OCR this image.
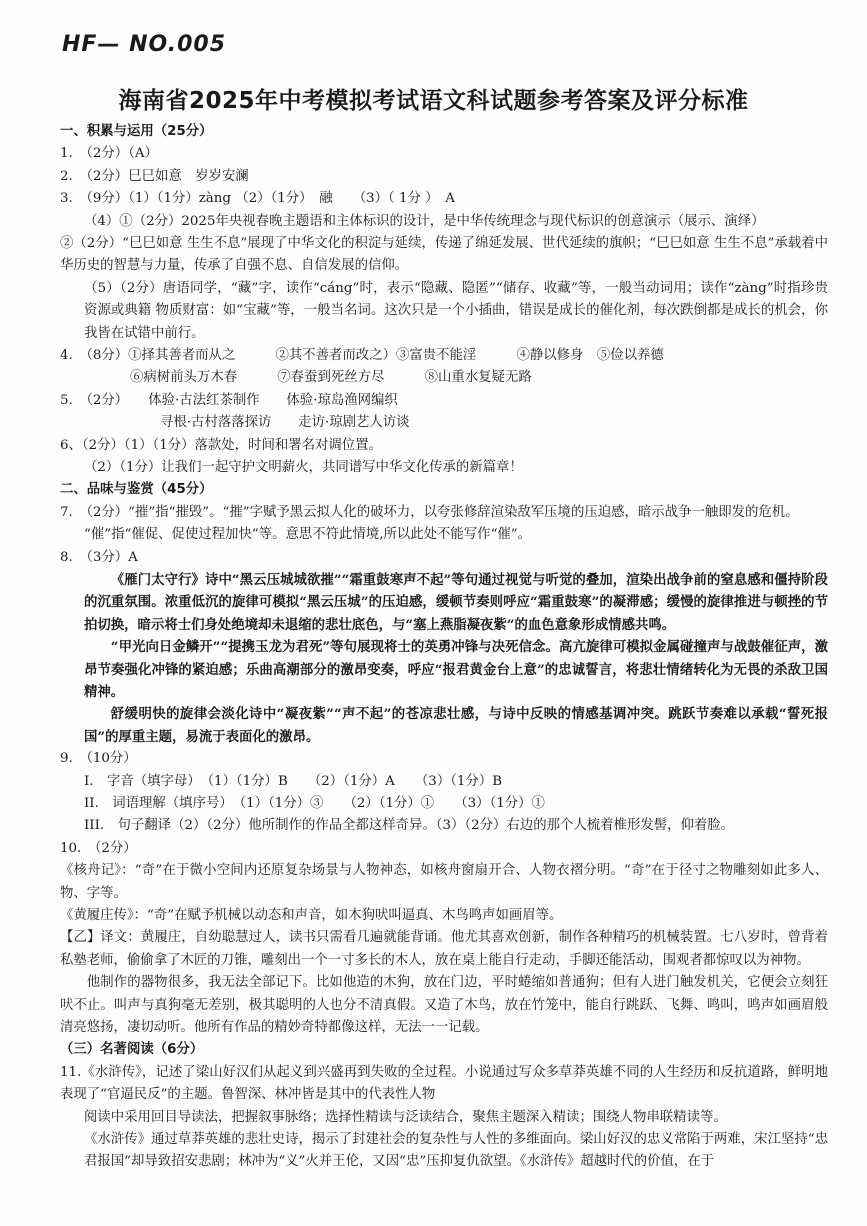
HF— NO.005
海南省2025年中考模拟考试语文科试题参考答案及评分标准
一、积累与运用（25分）
1.　（2分）（A）
2.　（2分）巳巳如意　岁岁安澜
3.　（9分）（1）（1分）zàng （2）（1分）　融　　（3）（ 1分 ）　A
（4）①（2分）2025年央视春晚主题语和主体标识的设计，是中华传统理念与现代标识的创意演示（展示、演绎）
②（2分）“巳巳如意 生生不息”展现了中华文化的积淀与延续，传递了绵延发展、世代延续的旗帜；“巳巳如意 生生不息”承载着中华历史的智慧与力量，传承了自强不息、自信发展的信仰。
（5）（2分）唐语同学，“藏”字，读作“cáng”时，表示“隐藏、隐匿”“储存、收藏”等，一般当动词用；读作“zàng”时指珍贵资源或典籍 物质财富：如“宝藏”等，一般当名词。这次只是一个小插曲，错误是成长的催化剂，每次跌倒都是成长的机会，你我皆在试错中前行。
4.　（8分）①择其善者而从之　　　②其不善者而改之）③富贵不能淫　　　④静以修身　⑤俭以养德
⑥病树前头万木春　　　⑦春蚕到死丝方尽　　　⑧山重水复疑无路
5.　（2分）　　体验·古法红茶制作　　体验·琼岛渔网编织
寻根·古村落落探访　　走访·琼剧艺人访谈
6、（2分）（1）（1分）落款处，时间和署名对调位置。
（2）（1分）让我们一起守护文明薪火，共同谱写中华文化传承的新篇章！
二、品味与鉴赏（45分）
7.　（2分）“摧”指“摧毁”。“摧”字赋予黑云拟人化的破坏力，以夸张修辞渲染敌军压境的压迫感，暗示战争一触即发的危机。
“催”指“催促、促使过程加快”等。意思不符此情境,所以此处不能写作“催”。
8.　（3分）A
《雁门太守行》诗中“黑云压城城欲摧”“霜重鼓寒声不起”等句通过视觉与听觉的叠加，渲染出战争前的窒息感和僵持阶段的沉重氛围。浓重低沉的旋律可模拟“黑云压城”的压迫感，缓顿节奏则呼应“霜重鼓寒”的凝滞感；缓慢的旋律推进与顿挫的节拍切换，暗示将士们身处绝境却未退缩的悲壮底色，与“塞上燕脂凝夜紫”的血色意象形成情感共鸣。
“甲光向日金鳞开”“提携玉龙为君死”等句展现将士的英勇冲锋与决死信念。高亢旋律可模拟金属碰撞声与战鼓催征声，激昂节奏强化冲锋的紧迫感；乐曲高潮部分的激昂变奏，呼应“报君黄金台上意”的忠诚誓言，将悲壮情绪转化为无畏的杀敌卫国精神。
舒缓明快的旋律会淡化诗中“凝夜紫”“声不起”的苍凉悲壮感，与诗中反映的情感基调冲突。跳跃节奏难以承载“誓死报国”的厚重主题，易流于表面化的激昂。
9.　（10分）
I.　字音（填字母）　（1）（1分）B　　（2）（1分）A　　（3）（1分）B
II.　词语理解（填序号）　（1）（1分）③　　（2）（1分）①　　（3）（1分）①
III.　句子翻译（2）（2分）他所制作的作品全都这样奇异。（3）（2分）右边的那个人梳着椎形发髻，仰着脸。
10.　（2分）
《核舟记》：“奇”在于微小空间内还原复杂场景与人物神态，如核舟窗扇开合、人物衣褶分明。“奇”在于径寸之物雕刻如此多人、物、字等。
《黄履庄传》：“奇”在赋予机械以动态和声音，如木狗吠叫逼真、木鸟鸣声如画眉等。
【乙】译文：黄履庄，自幼聪慧过人，读书只需看几遍就能背诵。他尤其喜欢创新，制作各种精巧的机械装置。七八岁时，曾背着私塾老师，偷偷拿了木匠的刀锥，雕刻出一个一寸多长的木人，放在桌上能自行走动，手脚还能活动，围观者都惊叹以为神物。
他制作的器物很多，我无法全部记下。比如他造的木狗，放在门边，平时蜷缩如普通狗；但有人进门触发机关，它便会立刻狂吠不止。叫声与真狗毫无差别，极其聪明的人也分不清真假。又造了木鸟，放在竹笼中，能自行跳跃、飞舞、鸣叫，鸣声如画眉般清亮悠扬，凄切动听。他所有作品的精妙奇特都像这样，无法一一记载。
（三）名著阅读（6分）
11.《水浒传》，记述了梁山好汉们从起义到兴盛再到失败的全过程。小说通过写众多草莽英雄不同的人生经历和反抗道路，鲜明地表现了“官逼民反”的主题。鲁智深、林冲皆是其中的代表性人物
阅读中采用回目导读法，把握叙事脉络；选择性精读与泛读结合，聚焦主题深入精读；围绕人物串联精读等。
《水浒传》通过草莽英雄的悲壮史诗，揭示了封建社会的复杂性与人性的多维面向。梁山好汉的忠义常陷于两难，宋江坚持“忠君报国”却导致招安悲剧；林冲为“义”火并王伦，又因“忠”压抑复仇欲望。《水浒传》超越时代的价值，在于
